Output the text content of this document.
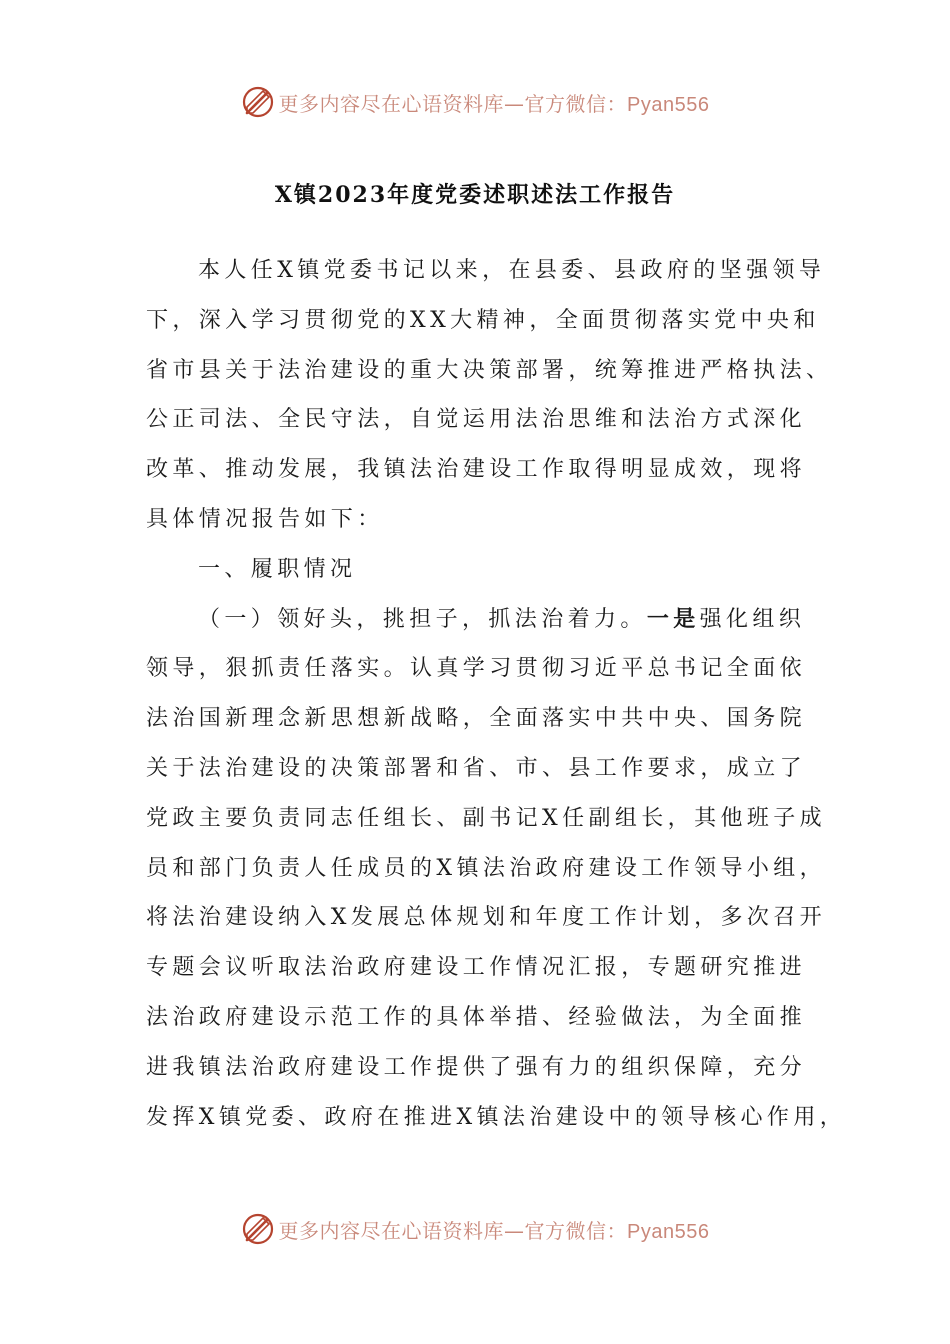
更多内容尽在心语资料库—官方微信：Pyan556
X镇2023年度党委述职述法工作报告

本人任X镇党委书记以来，在县委、县政府的坚强领导
下，深入学习贯彻党的XX大精神，全面贯彻落实党中央和

省市县关于法治建设的重大决策部署，统筹推进严格执法、
公正司法、全民守法，自觉运用法治思维和法治方式深化
改革、推动发展，我镇法治建设工作取得明显成效，现将
具体情况报告如下：

一、履职情况

（一）领好头，挑担子，抓法治着力。一是强化组织

领导，狠抓责任落实。认真学习贯彻习近平总书记全面依
法治国新理念新思想新战略，全面落实中共中央、国务院
关于法治建设的决策部署和省、市、县工作要求，成立了
党政主要负责同志任组长、副书记X任副组长，其他班子成
员和部门负责人任成员的X镇法治政府建设工作领导小组，
将法治建设纳入X发展总体规划和年度工作计划，多次召开
专题会议听取法治政府建设工作情况汇报，专题研究推进
法治政府建设示范工作的具体举措、经验做法，为全面推
进我镇法治政府建设工作提供了强有力的组织保障，充分
发挥X镇党委、政府在推进X镇法治建设中的领导核心作用，

更多内容尽在心语资料库—官方微信：Pyan556
